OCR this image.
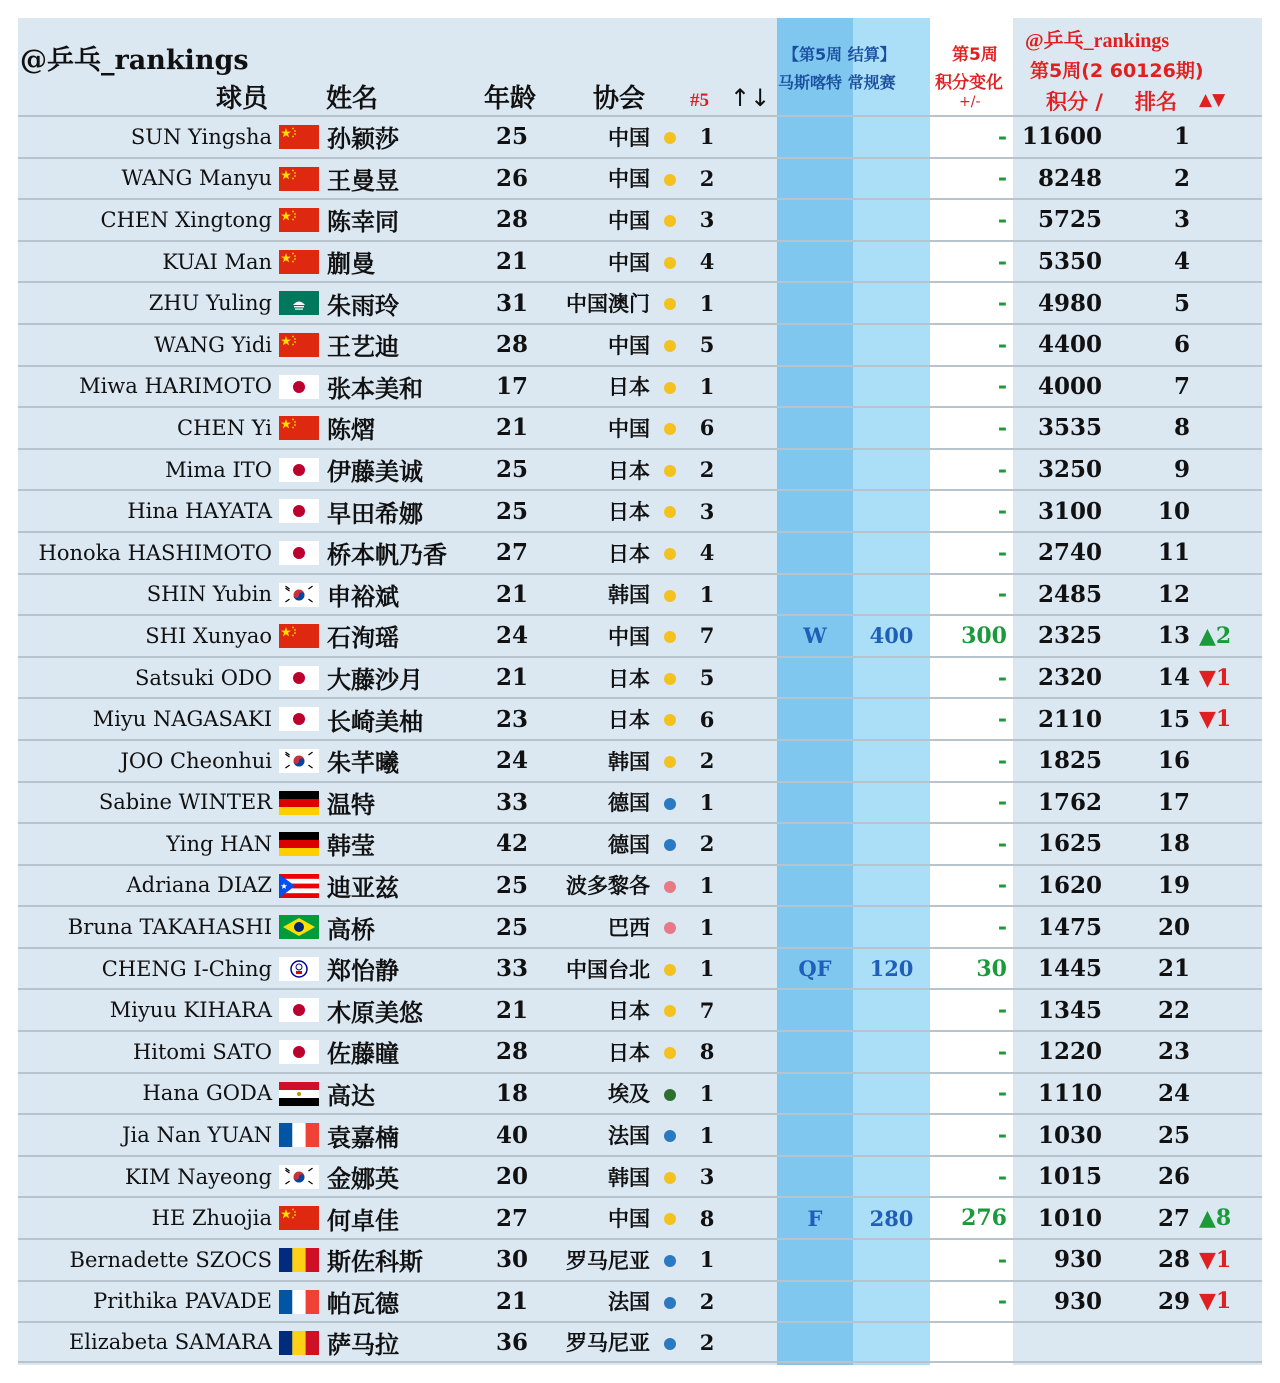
@乒乓_rankings
球员 姓名	年龄 协会 #5 ↑↓
【第5周 结算】
马斯喀特 常规赛
第5周
积分变化
+/-
@乒乓_rankings
第5周(2 60126期)
积分 / 排名 ▲▼
SUN Yingsha 孙颖莎	25	中国 1	- 11600	1
WANG Manyu 王曼昱	26	中国 2	- 8248	2
CHEN Xingtong 陈幸同	28	中国 3	- 5725	3
KUAI Man 蒯曼	21	中国 4	- 5350	4
ZHU Yuling 朱雨玲	31	中国澳门 1	- 4980	5
WANG Yidi 王艺迪	28	中国 5	- 4400	6
Miwa HARIMOTO 张本美和	17	日本 1	- 4000	7
CHEN Yi 陈熠	21	中国 6	- 3535	8
Mima ITO 伊藤美诚	25	日本 2	- 3250	9
Hina HAYATA 早田希娜	25	日本 3	- 3100 10
Honoka HASHIMOTO 桥本帆乃香	27	日本 4	- 2740 11
SHIN Yubin 申裕斌	21	韩国 1	- 2485 12
SHI Xunyao 石洵瑶	24	中国 7	W	400	300 2325 13 ▲2
Satsuki ODO 大藤沙月	21	日本 5	- 2320 14 ▼1
Miyu NAGASAKI 长崎美柚	23	日本 6	- 2110 15 ▼1
JOO Cheonhui 朱芊曦	24	韩国 2	- 1825 16
Sabine WINTER 温特	33	德国 1	- 1762 17
Ying HAN 韩莹	42	德国 2	- 1625 18
Adriana DIAZ 迪亚兹	25	波多黎各 1	- 1620 19
Bruna TAKAHASHI 高桥	25	巴西 1	- 1475 20
CHENG I-Ching 郑怡静	33	中国台北 1	QF	120	30 1445 21
Miyuu KIHARA 木原美悠	21	日本 7	- 1345 22
Hitomi SATO 佐藤瞳	28	日本 8	- 1220 23
Hana GODA 高达	18	埃及 1	- 1110 24
Jia Nan YUAN 袁嘉楠	40	法国 1	- 1030 25
KIM Nayeong 金娜英	20	韩国 3	- 1015 26
HE Zhuojia 何卓佳	27	中国 8	F	280	276 1010 27 ▲8
Bernadette SZOCS 斯佐科斯	30	罗马尼亚 1	- 930 28 ▼1
Prithika PAVADE 帕瓦德	21	法国 2	- 930 29 ▼1
Elizabeta SAMARA 萨马拉	36	罗马尼亚 2
